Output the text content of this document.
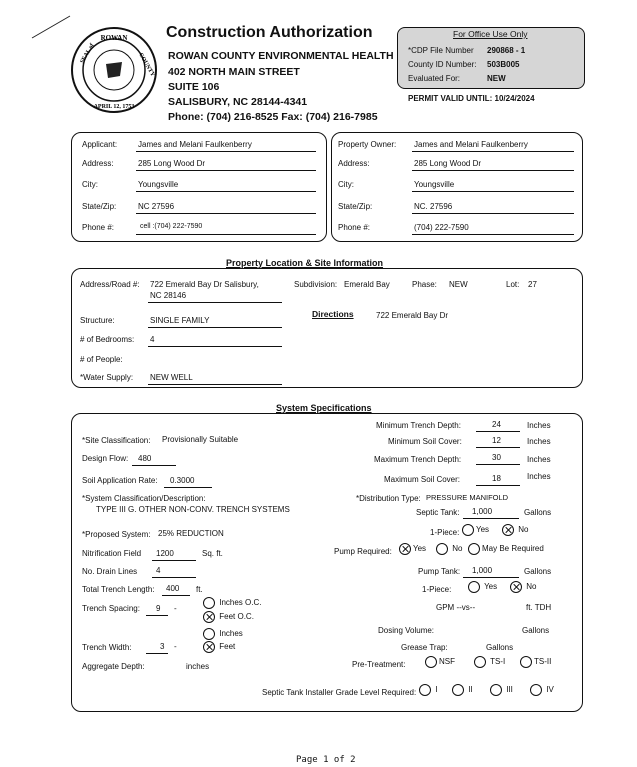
ROWAN
SEAL of	COUNTY
APRIL 12, 1753
Construction Authorization
ROWAN COUNTY ENVIRONMENTAL HEALTH
402 NORTH MAIN STREET
SUITE 106
SALISBURY, NC 28144-4341
Phone: (704) 216-8525 Fax: (704) 216-7985
For Office Use Only
*CDP File Number 290868 - 1
County ID Number: 503B005
Evaluated For:	NEW
PERMIT VALID UNTIL: 10/24/2024
Applicant:	James and Melani Faulkenberry
Address:	285 Long Wood Dr
City:	Youngsville
State/Zip:	NC 27596
Phone #:	cell :(704) 222-7590
Property Owner: James and Melani Faulkenberry
Address:	285 Long Wood Dr
City:	Youngsville
State/Zip:	NC. 27596
Phone #:	(704) 222-7590
Property Location & Site Information
Address/Road #: 722 Emerald Bay Dr Salisbury,
NC 28146
Subdivision: Emerald Bay	Phase: NEW	Lot: 27
Directions	722 Emerald Bay Dr
Structure:	SINGLE FAMILY
# of Bedrooms: 4
# of People:
*Water Supply: NEW WELL
System Specifications
*Site Classification: Provisionally Suitable
Design Flow: 480
Soil Application Rate: 0.3000
*System Classification/Description:
TYPE III G. OTHER NON-CONV. TRENCH SYSTEMS
*Proposed System: 25% REDUCTION
Nitrification Field 1200	Sq. ft.
No. Drain Lines 4
Total Trench Length: 400 ft.
Trench Spacing: 9 -
Inches O.C.
Feet O.C.
Inches
Feet
Trench Width:	3 -
Aggregate Depth:	inches
Minimum Trench Depth:	24	Inches
Minimum Soil Cover:	12	Inches
Maximum Trench Depth:	30	Inches
Maximum Soil Cover:	18	Inches
*Distribution Type: PRESSURE MANIFOLD
Septic Tank: 1,000	Gallons
1-Piece:	Yes	No
Pump Required:	Yes	No	May Be Required
Pump Tank: 1,000	Gallons
1-Piece:	Yes	No
GPM --vs--	ft. TDH
Dosing Volume:	Gallons
Grease Trap:	Gallons
Pre-Treatment:	NSF	TS-I	TS-II
Septic Tank Installer Grade Level Required:	I	II	III	IV
Page 1 of 2
